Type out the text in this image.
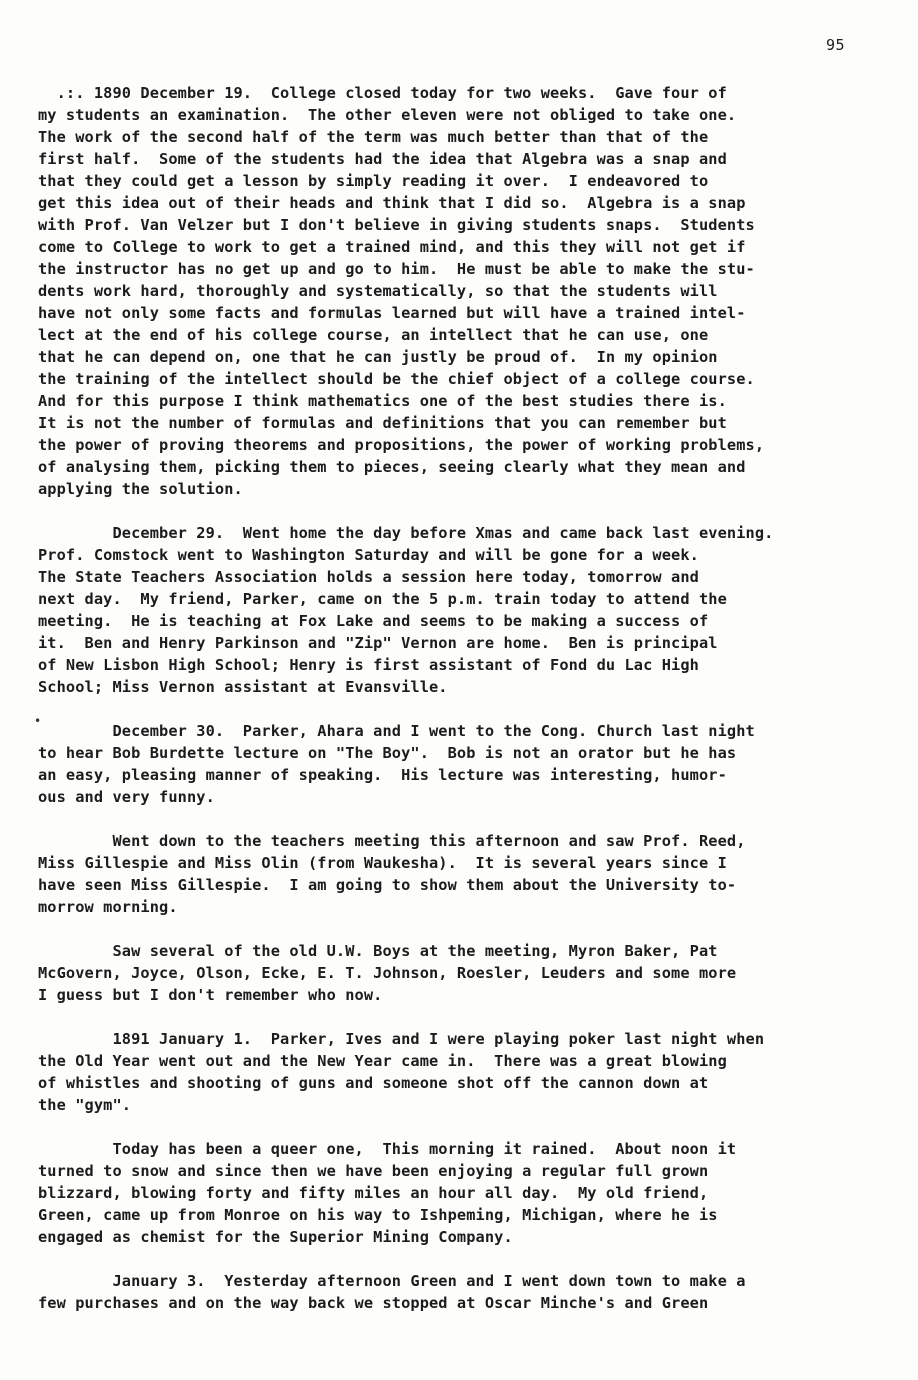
95
•
.:. 1890 December 19.  College closed today for two weeks.  Gave four of
my students an examination.  The other eleven were not obliged to take one.
The work of the second half of the term was much better than that of the
first half.  Some of the students had the idea that Algebra was a snap and
that they could get a lesson by simply reading it over.  I endeavored to
get this idea out of their heads and think that I did so.  Algebra is a snap
with Prof. Van Velzer but I don't believe in giving students snaps.  Students
come to College to work to get a trained mind, and this they will not get if
the instructor has no get up and go to him.  He must be able to make the stu-
dents work hard, thoroughly and systematically, so that the students will
have not only some facts and formulas learned but will have a trained intel-
lect at the end of his college course, an intellect that he can use, one
that he can depend on, one that he can justly be proud of.  In my opinion
the training of the intellect should be the chief object of a college course.
And for this purpose I think mathematics one of the best studies there is.
It is not the number of formulas and definitions that you can remember but
the power of proving theorems and propositions, the power of working problems,
of analysing them, picking them to pieces, seeing clearly what they mean and
applying the solution.
December 29.  Went home the day before Xmas and came back last evening.
Prof. Comstock went to Washington Saturday and will be gone for a week.
The State Teachers Association holds a session here today, tomorrow and
next day.  My friend, Parker, came on the 5 p.m. train today to attend the
meeting.  He is teaching at Fox Lake and seems to be making a success of
it.  Ben and Henry Parkinson and "Zip" Vernon are home.  Ben is principal
of New Lisbon High School; Henry is first assistant of Fond du Lac High
School; Miss Vernon assistant at Evansville.
December 30.  Parker, Ahara and I went to the Cong. Church last night
to hear Bob Burdette lecture on "The Boy".  Bob is not an orator but he has
an easy, pleasing manner of speaking.  His lecture was interesting, humor-
ous and very funny.
Went down to the teachers meeting this afternoon and saw Prof. Reed,
Miss Gillespie and Miss Olin (from Waukesha).  It is several years since I
have seen Miss Gillespie.  I am going to show them about the University to-
morrow morning.
Saw several of the old U.W. Boys at the meeting, Myron Baker, Pat
McGovern, Joyce, Olson, Ecke, E. T. Johnson, Roesler, Leuders and some more
I guess but I don't remember who now.
1891 January 1.  Parker, Ives and I were playing poker last night when
the Old Year went out and the New Year came in.  There was a great blowing
of whistles and shooting of guns and someone shot off the cannon down at
the "gym".
Today has been a queer one,  This morning it rained.  About noon it
turned to snow and since then we have been enjoying a regular full grown
blizzard, blowing forty and fifty miles an hour all day.  My old friend,
Green, came up from Monroe on his way to Ishpeming, Michigan, where he is
engaged as chemist for the Superior Mining Company.
January 3.  Yesterday afternoon Green and I went down town to make a
few purchases and on the way back we stopped at Oscar Minche's and Green
